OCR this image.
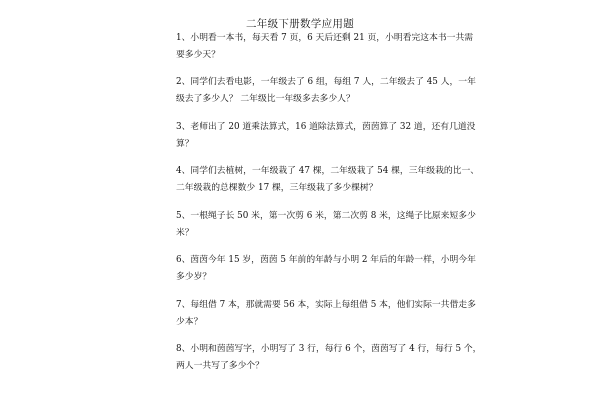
二年级下册数学应用题
1、小明看一本书，每天看 7 页，6 天后还剩 21 页，小明看完这本书一共需
要多少天？
2、同学们去看电影，一年级去了 6 组，每组 7 人，二年级去了 45 人，一年
级去了多少人？ 二年级比一年级多去多少人？
3、老师出了 20 道乘法算式，16 道除法算式，茵茵算了 32 道，还有几道没
算？
4、同学们去植树，一年级栽了 47 棵，二年级栽了 54 棵，三年级栽的比一、
二年级栽的总棵数少 17 棵，三年级栽了多少棵树？
5、一根绳子长 50 米，第一次剪 6 米，第二次剪 8 米，这绳子比原来短多少
米？
6、茵茵今年 15 岁，茵茵 5 年前的年龄与小明 2 年后的年龄一样，小明今年
多少岁？
7、每组借 7 本，那就需要 56 本，实际上每组借 5 本，他们实际一共借走多
少本？
8、小明和茵茵写字，小明写了 3 行，每行 6 个，茵茵写了 4 行，每行 5 个，
两人一共写了多少个？
